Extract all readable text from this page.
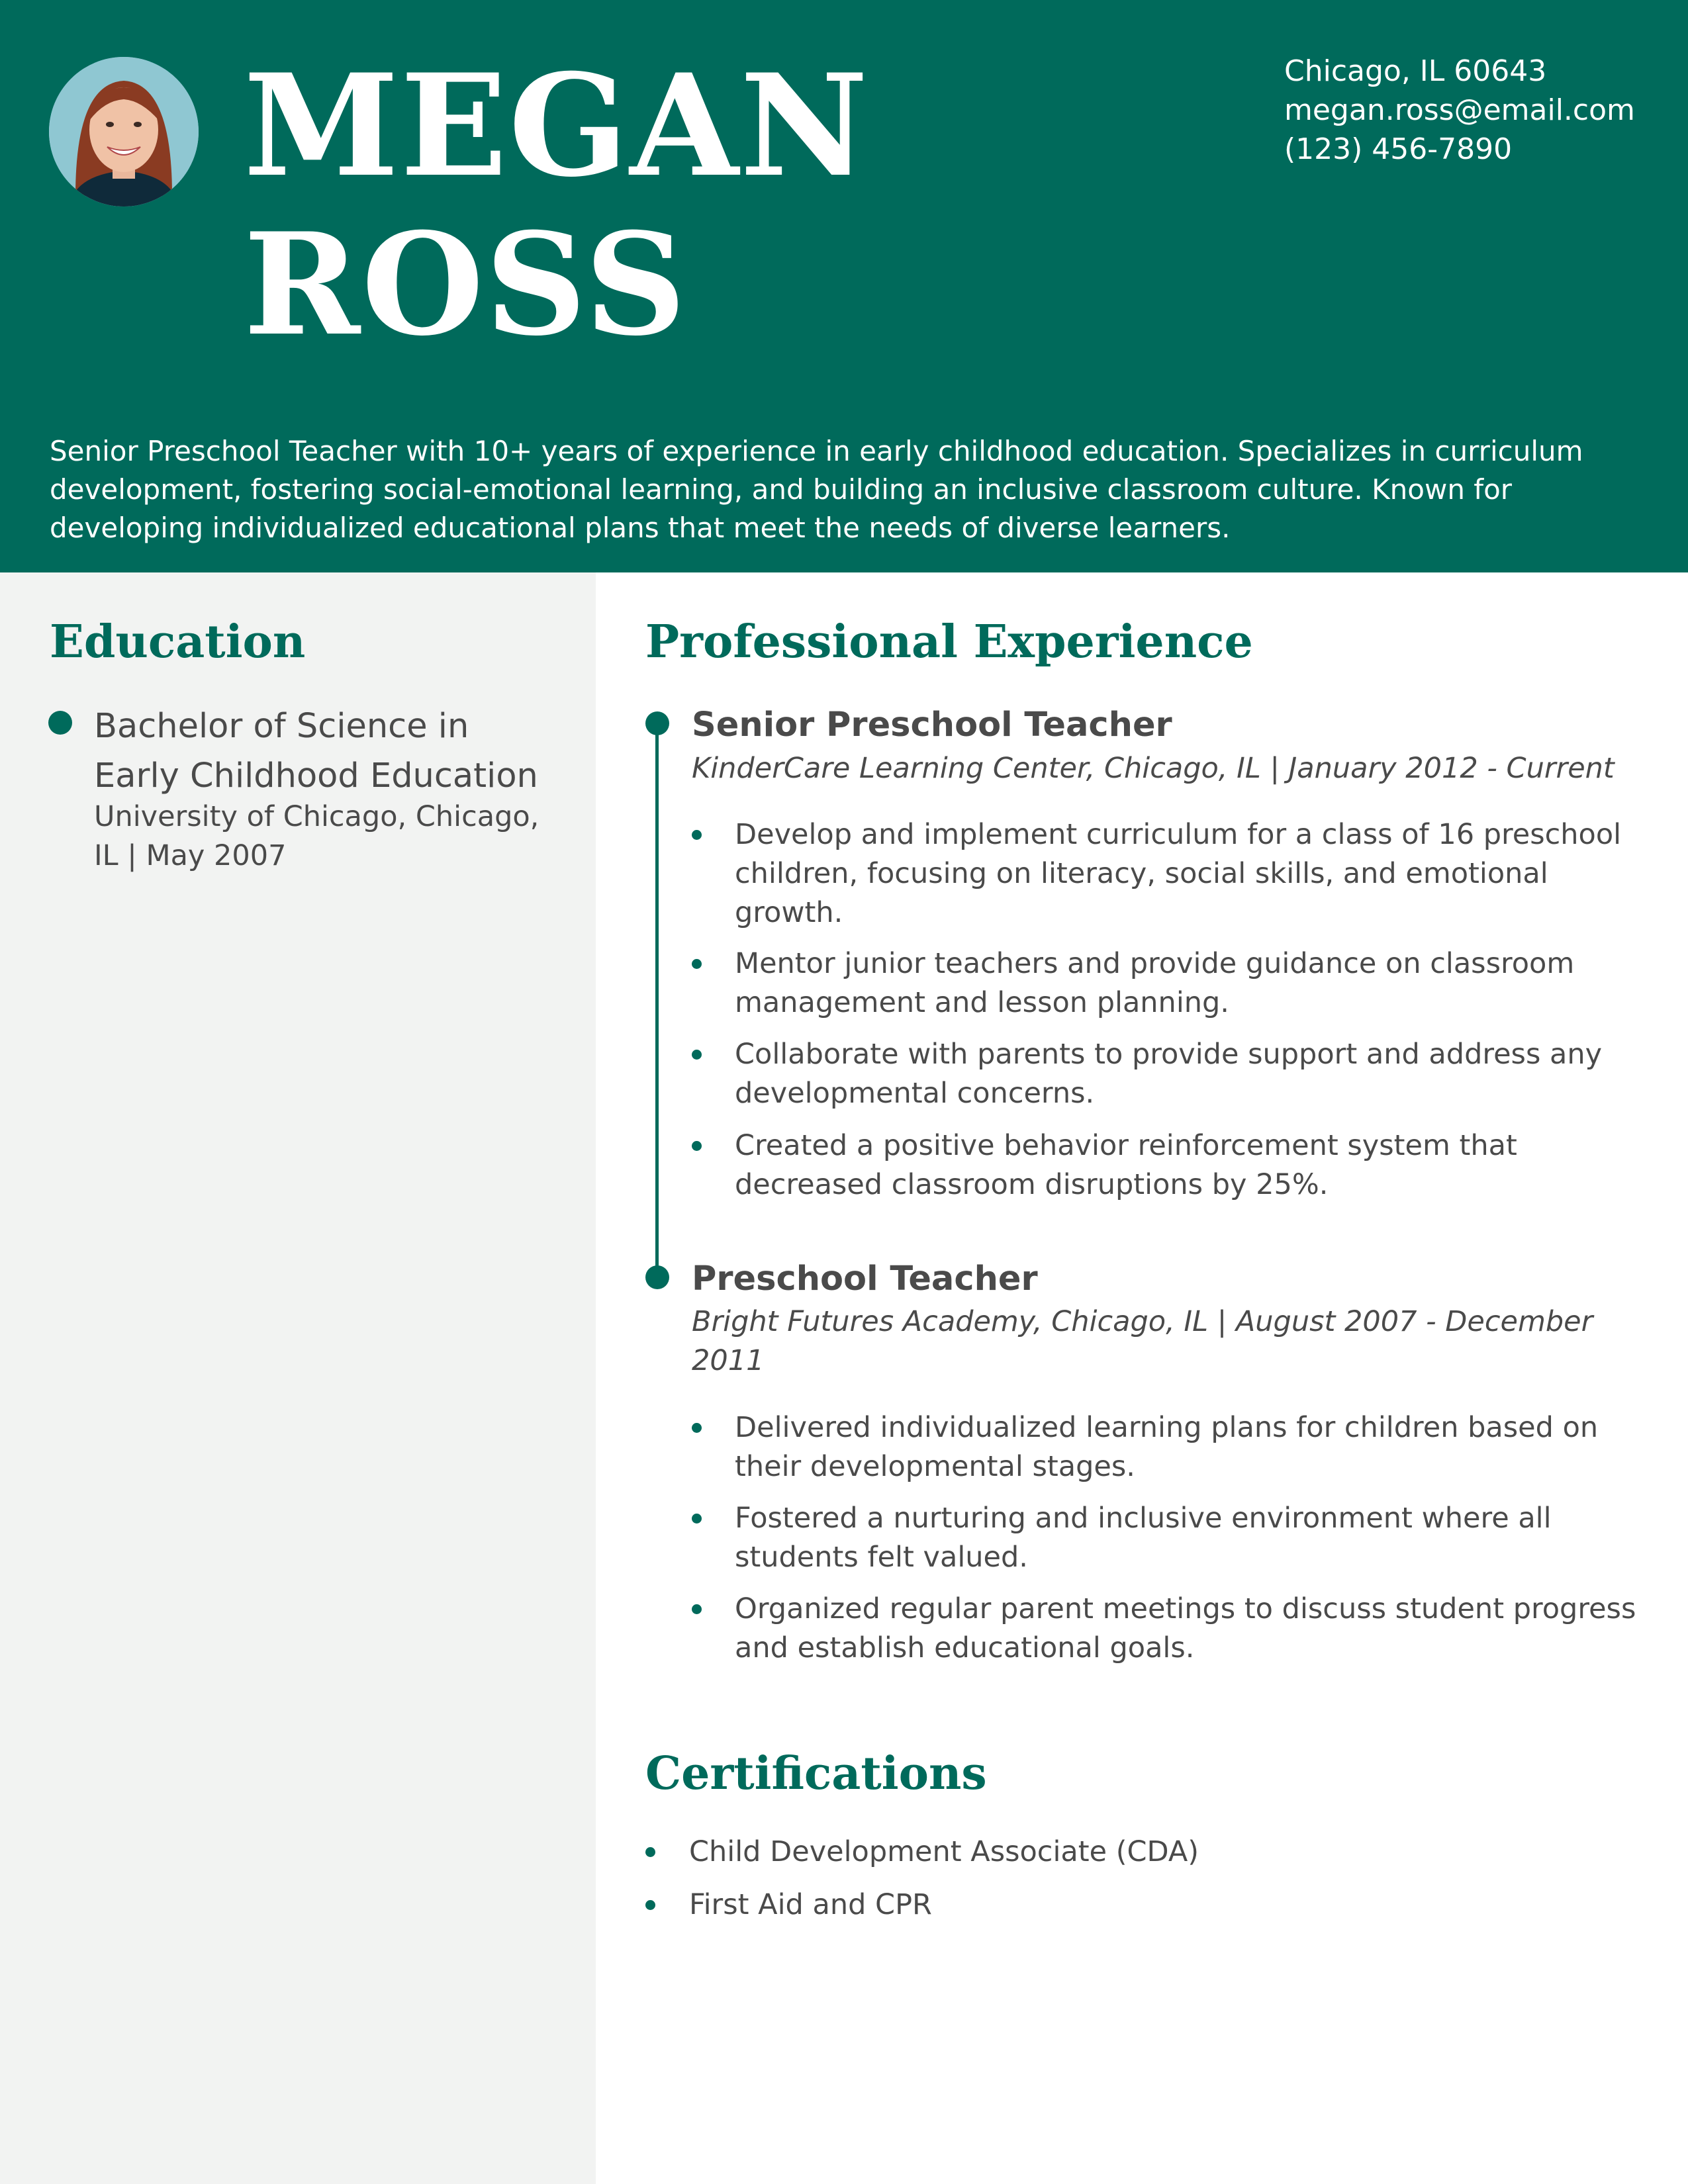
MEGAN
ROSS
Chicago, IL 60643
megan.ross@email.com
(123) 456-7890
Senior Preschool Teacher with 10+ years of experience in early childhood education. Specializes in curriculum development, fostering social-emotional learning, and building an inclusive classroom culture. Known for developing individualized educational plans that meet the needs of diverse learners.
Education
Bachelor of Science in Early Childhood Education
University of Chicago, Chicago, IL | May 2007
Professional Experience
Senior Preschool Teacher
KinderCare Learning Center, Chicago, IL | January 2012 - Current
Develop and implement curriculum for a class of 16 preschool children, focusing on literacy, social skills, and emotional growth.
Mentor junior teachers and provide guidance on classroom management and lesson planning.
Collaborate with parents to provide support and address any developmental concerns.
Created a positive behavior reinforcement system that decreased classroom disruptions by 25%.
Preschool Teacher
Bright Futures Academy, Chicago, IL | August 2007 - December 2011
Delivered individualized learning plans for children based on their developmental stages.
Fostered a nurturing and inclusive environment where all students felt valued.
Organized regular parent meetings to discuss student progress and establish educational goals.
Certifications
Child Development Associate (CDA)
First Aid and CPR
